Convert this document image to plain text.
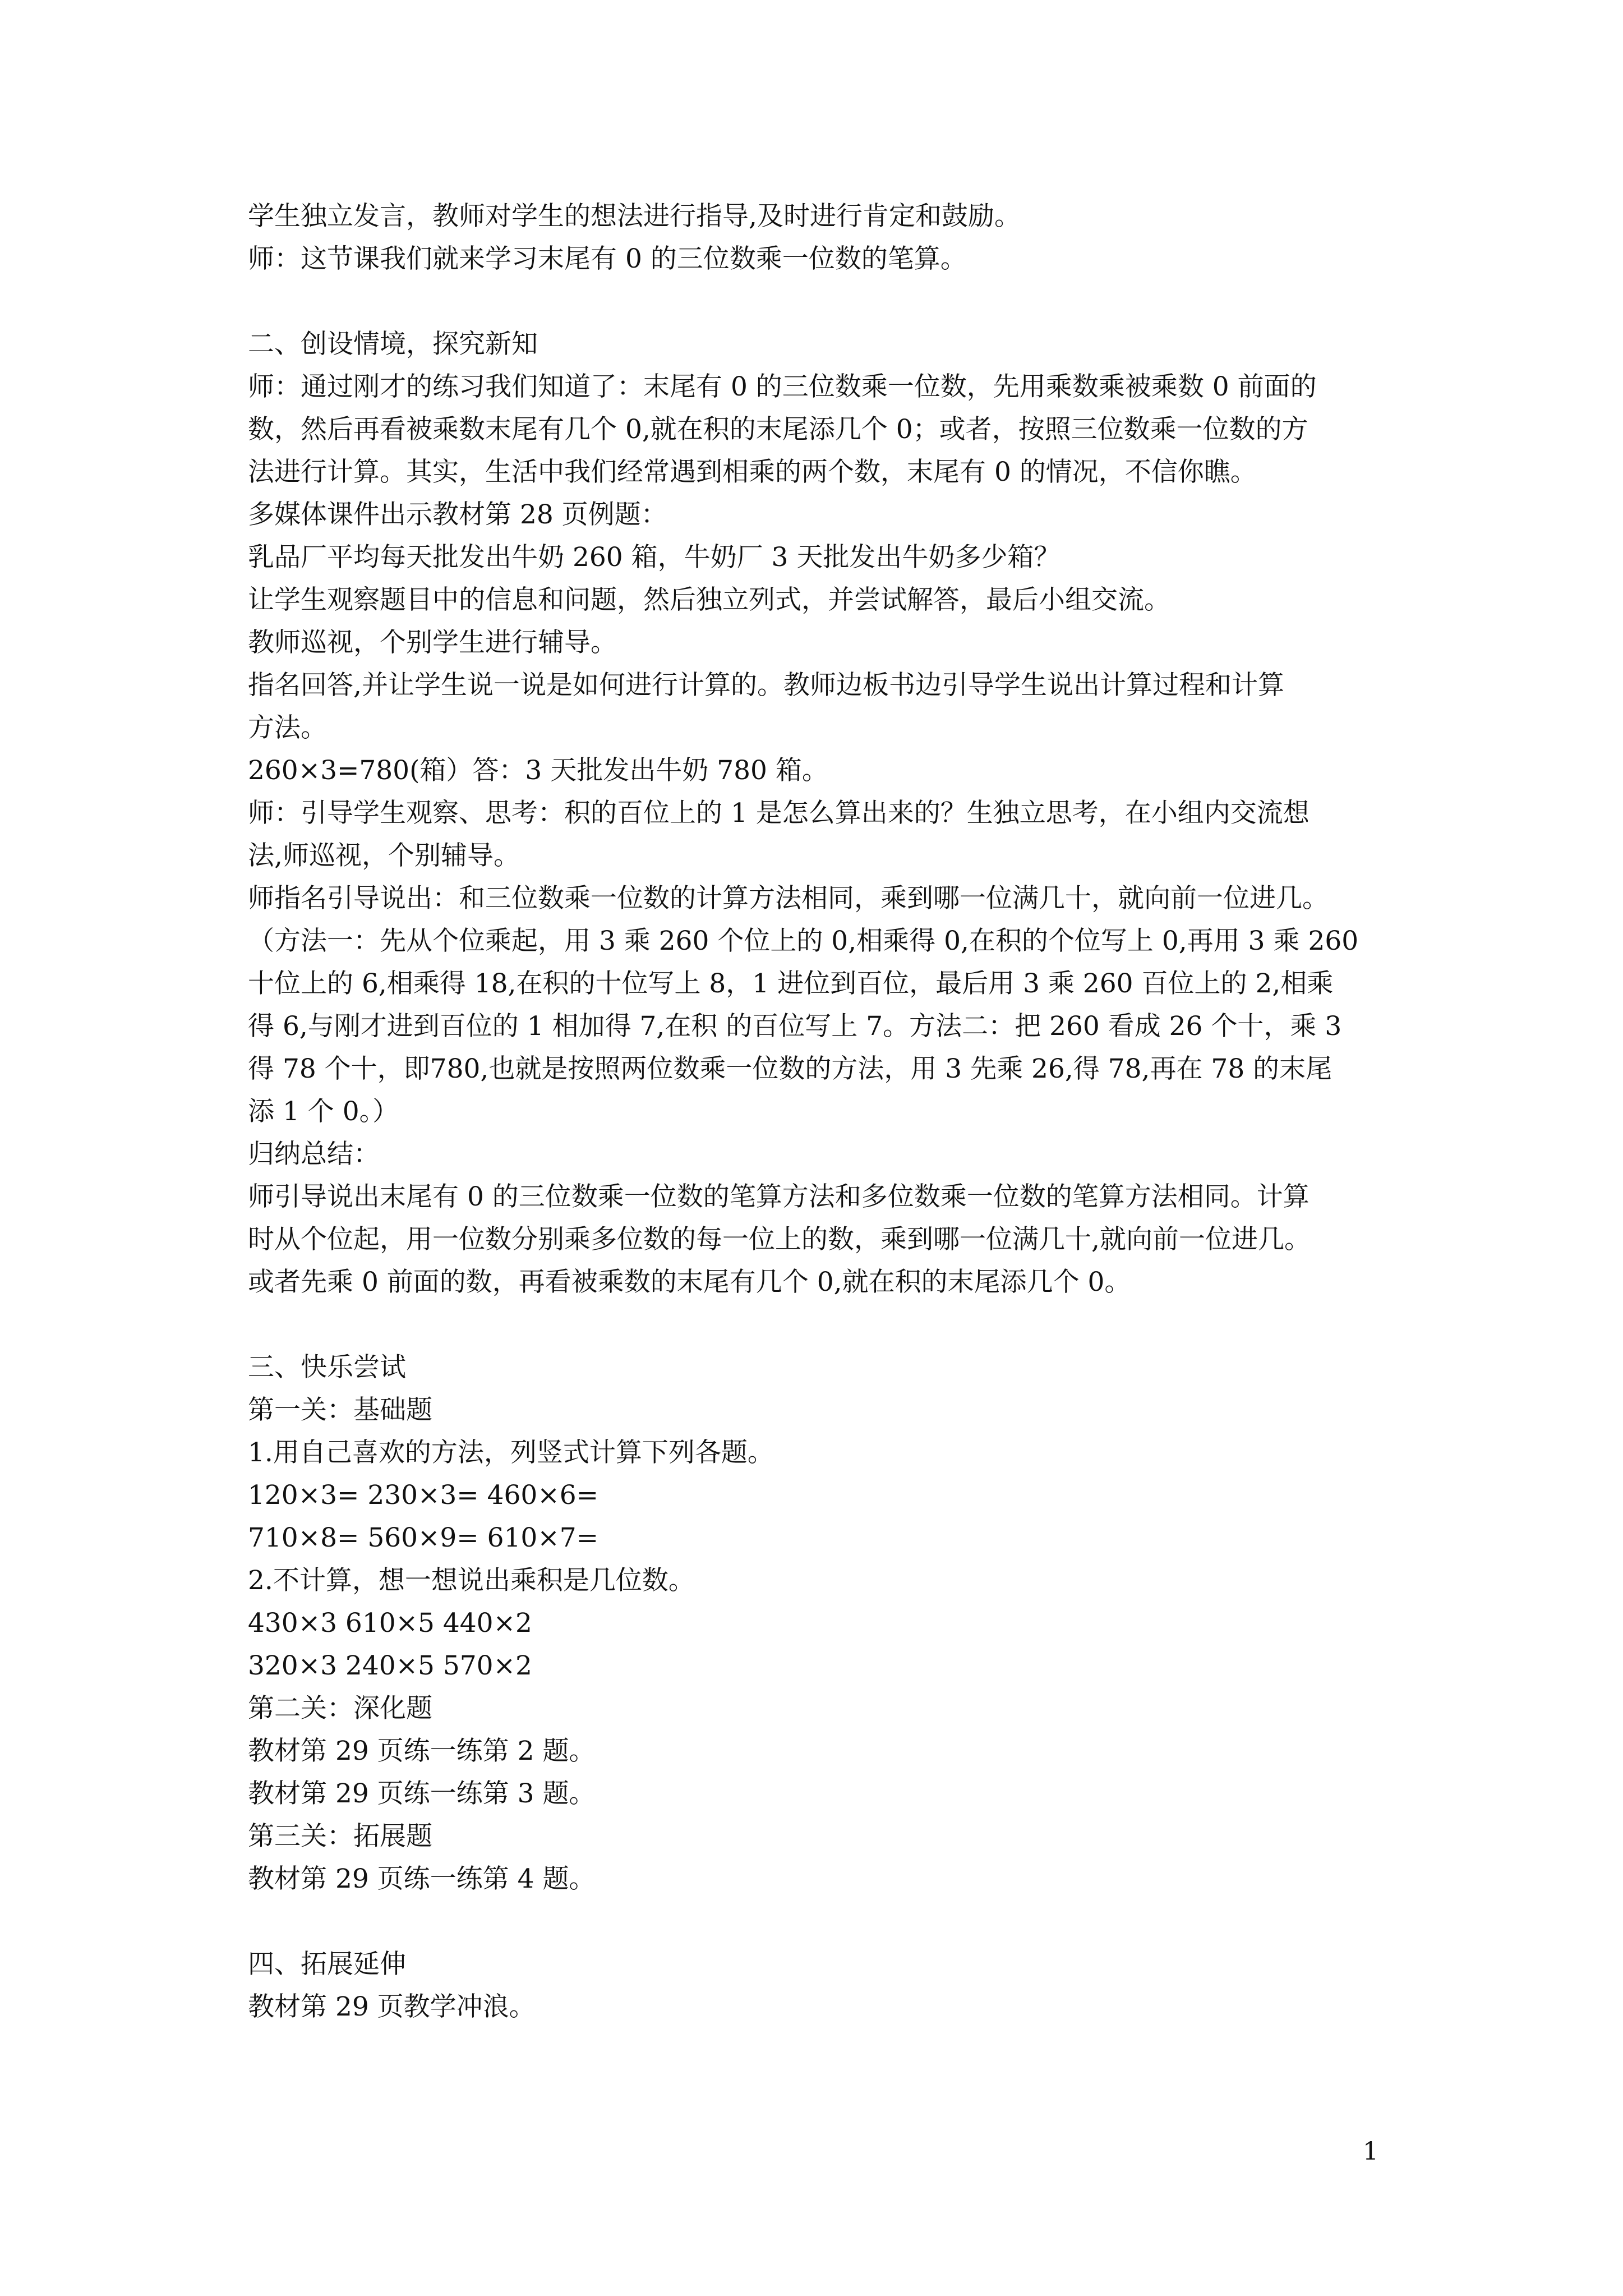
学生独立发言，教师对学生的想法进行指导,及时进行肯定和鼓励。
师：这节课我们就来学习末尾有 0 的三位数乘一位数的笔算。
二、创设情境，探究新知
师：通过刚才的练习我们知道了：末尾有 0 的三位数乘一位数，先用乘数乘被乘数 0 前面的
数，然后再看被乘数末尾有几个 0,就在积的末尾添几个 0；或者，按照三位数乘一位数的方
法进行计算。其实，生活中我们经常遇到相乘的两个数，末尾有 0 的情况，不信你瞧。
多媒体课件出示教材第 28 页例题：
乳品厂平均每天批发出牛奶 260 箱，牛奶厂 3 天批发出牛奶多少箱？
让学生观察题目中的信息和问题，然后独立列式，并尝试解答，最后小组交流。
教师巡视，个别学生进行辅导。
指名回答,并让学生说一说是如何进行计算的。教师边板书边引导学生说出计算过程和计算
方法。
260×3=780(箱）答：3 天批发出牛奶 780 箱。
师：引导学生观察、思考：积的百位上的 1 是怎么算出来的？生独立思考，在小组内交流想
法,师巡视，个别辅导。
师指名引导说出：和三位数乘一位数的计算方法相同，乘到哪一位满几十，就向前一位进几。
（方法一：先从个位乘起，用 3 乘 260 个位上的 0,相乘得 0,在积的个位写上 0,再用 3 乘 260
十位上的 6,相乘得 18,在积的十位写上 8，1 进位到百位，最后用 3 乘 260 百位上的 2,相乘
得 6,与刚才进到百位的 1 相加得 7,在积 的百位写上 7。方法二：把 260 看成 26 个十，乘 3
得 78 个十，即780,也就是按照两位数乘一位数的方法，用 3 先乘 26,得 78,再在 78 的末尾
添 1 个 0。）
归纳总结：
师引导说出末尾有 0 的三位数乘一位数的笔算方法和多位数乘一位数的笔算方法相同。计算
时从个位起，用一位数分别乘多位数的每一位上的数，乘到哪一位满几十,就向前一位进几。
或者先乘 0 前面的数，再看被乘数的末尾有几个 0,就在积的末尾添几个 0。
三、快乐尝试
第一关：基础题
1.用自己喜欢的方法，列竖式计算下列各题。
120×3= 230×3= 460×6=
710×8= 560×9= 610×7=
2.不计算，想一想说出乘积是几位数。
430×3 610×5 440×2
320×3 240×5 570×2
第二关：深化题
教材第 29 页练一练第 2 题。
教材第 29 页练一练第 3 题。
第三关：拓展题
教材第 29 页练一练第 4 题。
四、拓展延伸
教材第 29 页教学冲浪。
1
